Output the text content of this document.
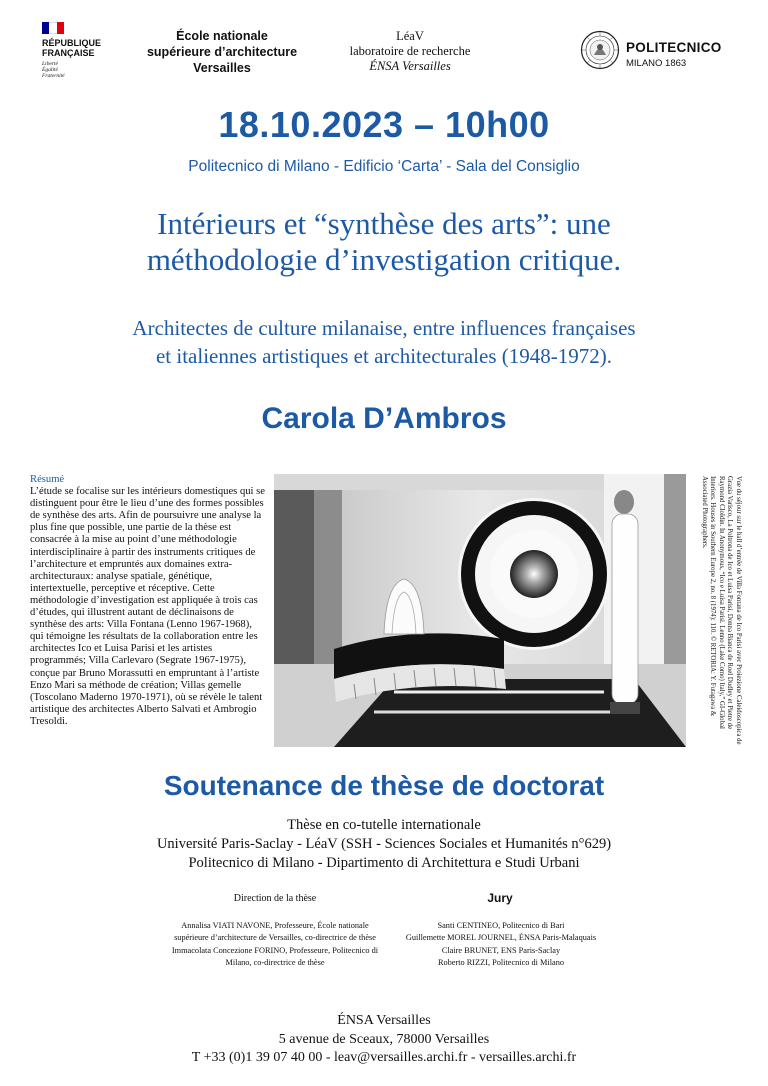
RÉPUBLIQUE
FRANÇAISE
Liberté
Égalité
Fraternité
École nationale
supérieure d’architecture
Versailles
LéaV
laboratoire de recherche
ÉNSA Versailles
POLITECNICO
MILANO 1863
18.10.2023 – 10h00
Politecnico di Milano - Edificio ‘Carta’ - Sala del Consiglio
Intérieurs et “synthèse des arts”: une
méthodologie d’investigation critique.
Architectes de culture milanaise, entre influences françaises
et italiennes artistiques et architecturales (1948-1972).
Carola D’Ambros
Résumé
L’étude se focalise sur les intérieurs domestiques qui se distinguent pour être le lieu d’une des formes possibles de synthèse des arts. Afin de poursuivre une analyse la plus fine que possible, une partie de la thèse est consacrée à la mise au point d’une méthodologie interdisciplinaire à partir des instruments critiques de l’architecture et empruntés aux domaines extra-architecturaux: analyse spatiale, génétique, intertextuelle, perceptive et réceptive. Cette méthodologie d’investigation est appliquée à trois cas d’études, qui illustrent autant de déclinaisons de synthèse des arts: Villa Fontana (Lenno 1967-1968), qui témoigne les résultats de la collaboration entre les architectes Ico et Luisa Parisi et les artistes programmés; Villa Carlevaro (Segrate 1967-1975), conçue par Bruno Morassutti en empruntant à l’artiste Enzo Mari sa méthode de création; Villas gemelle (Toscolano Maderno 1970-1971), où se révèle le talent artistique des architectes Alberto Salvati et Ambrogio Tresoldi.	Vue du séjour sur le hall d’entrée de Villa Fontana de Ico Parisi avec Proiezione Caleidoscopica de Grazia Varisco, La Poltrona de Ico et Luisa Parisi, Donna Bianca de Roel Dudley et Pietre de Raymond Cloldin. In Anonymous, “Ico e Luisa Parisi. Lenno (Lake Como) Italy,” GI-Global Interiors. Houses in Southern Europe 2, no. 8 (1974): 110. © RETORIA: Y. Futagawa & Associated Photographers.
Soutenance de thèse de doctorat
Thèse en co-tutelle internationale
Université Paris-Saclay - LéaV (SSH - Sciences Sociales et Humanités n°629)
Politecnico di Milano - Dipartimento di Architettura e Studi Urbani
Direction de la thèse	Jury
Annalisa VIATI NAVONE, Professeure, École nationale
supérieure d’architecture de Versailles, co-directrice de thèse
Immacolata Concezione FORINO, Professeure, Politecnico di
Milano, co-directrice de thèse
Santi CENTINEO, Politecnico di Bari
Guillemette MOREL JOURNEL, ÉNSA Paris-Malaquais
Claire BRUNET, ENS Paris-Saclay
Roberto RIZZI, Politecnico di Milano
ÉNSA Versailles
5 avenue de Sceaux, 78000 Versailles
T +33 (0)1 39 07 40 00 - leav@versailles.archi.fr - versailles.archi.fr
